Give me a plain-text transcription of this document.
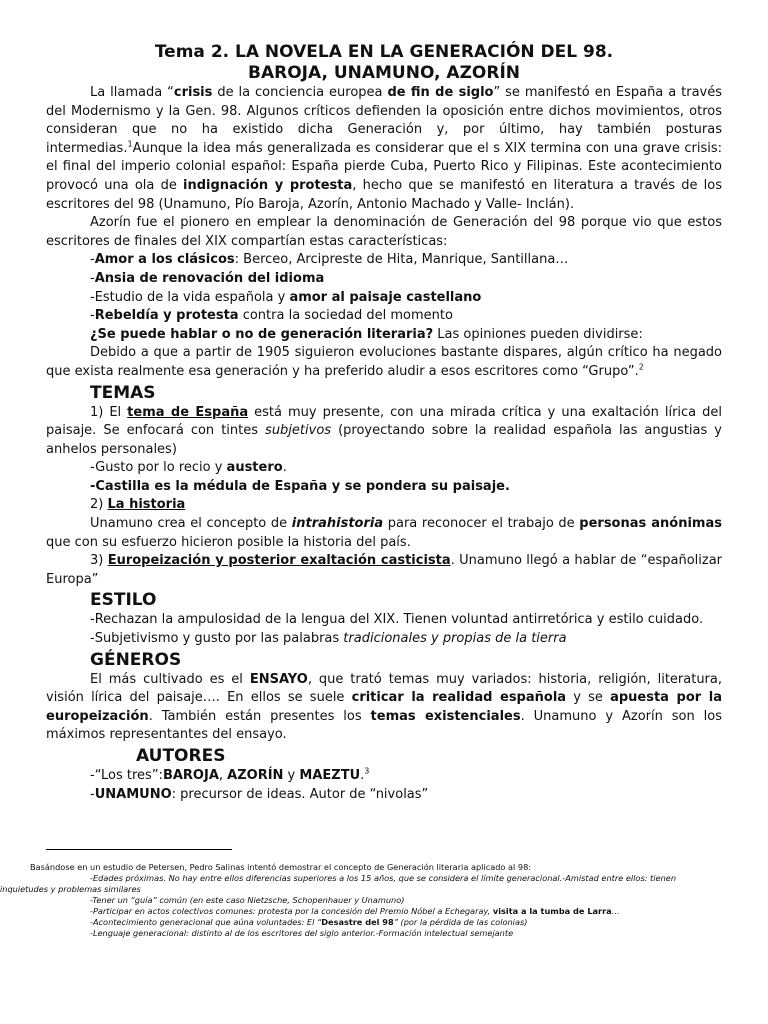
Tema 2. LA NOVELA EN LA GENERACIÓN DEL 98.

BAROJA, UNAMUNO, AZORÍN

La llamada “crisis de la conciencia europea de fin de siglo” se manifestó en España a través del Modernismo y la Gen. 98. Algunos críticos defienden la oposición entre dichos movimientos, otros consideran que no ha existido dicha Generación y, por último, hay también posturas intermedias.$^1$Aunque la idea más generalizada es considerar que el s XIX termina con una grave crisis: el final del imperio colonial español: España pierde Cuba, Puerto Rico y Filipinas. Este acontecimiento provocó una ola de indignación y protesta, hecho que se manifestó en literatura a través de los escritores del 98 (Unamuno, Pío Baroja, Azorín, Antonio Machado y Valle- Inclán).

Azorín fue el pionero en emplear la denominación de Generación del 98 porque vio que estos escritores de finales del XIX compartían estas características:

-Amor a los clásicos: Berceo, Arcipreste de Hita, Manrique, Santillana…

-Ansia de renovación del idioma

-Estudio de la vida española y amor al paisaje castellano

-Rebeldía y protesta contra la sociedad del momento

¿Se puede hablar o no de generación literaria? Las opiniones pueden dividirse:

Debido a que a partir de 1905 siguieron evoluciones bastante dispares, algún crítico ha negado que exista realmente esa generación y ha preferido aludir a esos escritores como “Grupo”.$^2$

TEMAS

1) El tema de España está muy presente, con una mirada crítica y una exaltación lírica del paisaje. Se enfocará con tintes subjetivos (proyectando sobre la realidad española las angustias y anhelos personales)

-Gusto por lo recio y austero.

-Castilla es la médula de España y se pondera su paisaje.

2) La historia

Unamuno crea el concepto de intrahistoria para reconocer el trabajo de personas anónimas que con su esfuerzo hicieron posible la historia del país.

3) Europeización y posterior exaltación casticista. Unamuno llegó a hablar de “españolizar Europa”

ESTILO

-Rechazan la ampulosidad de la lengua del XIX. Tienen voluntad antirretórica y estilo cuidado.

-Subjetivismo y gusto por las palabras tradicionales y propias de la tierra

GÉNEROS

El más cultivado es el ENSAYO, que trató temas muy variados: historia, religión, literatura, visión lírica del paisaje…. En ellos se suele criticar la realidad española y se apuesta por la europeización. También están presentes los temas existenciales. Unamuno y Azorín son los máximos representantes del ensayo.

AUTORES

-“Los tres”:BAROJA, AZORÍN y MAEZTU.$^3$

-UNAMUNO: precursor de ideas. Autor de “nivolas”

Basándose en un estudio de Petersen, Pedro Salinas intentó demostrar el concepto de Generación literaria aplicado al 98:
-Edades próximas. No hay entre ellos diferencias superiores a los 15 años, que se considera el límite generacional.-Amistad entre ellos: tienen
inquietudes y problemas similares
-Tener un “guía” común (en este caso Nietzsche, Schopenhauer y Unamuno)
-Participar en actos colectivos comunes: protesta por la concesión del Premio Nóbel a Echegaray, visita a la tumba de Larra…
-Acontecimiento generacional que aúna voluntades: El “Desastre del 98” (por la pérdida de las colonias)
-Lenguaje generacional: distinto al de los escritores del siglo anterior.-Formación intelectual semejante
